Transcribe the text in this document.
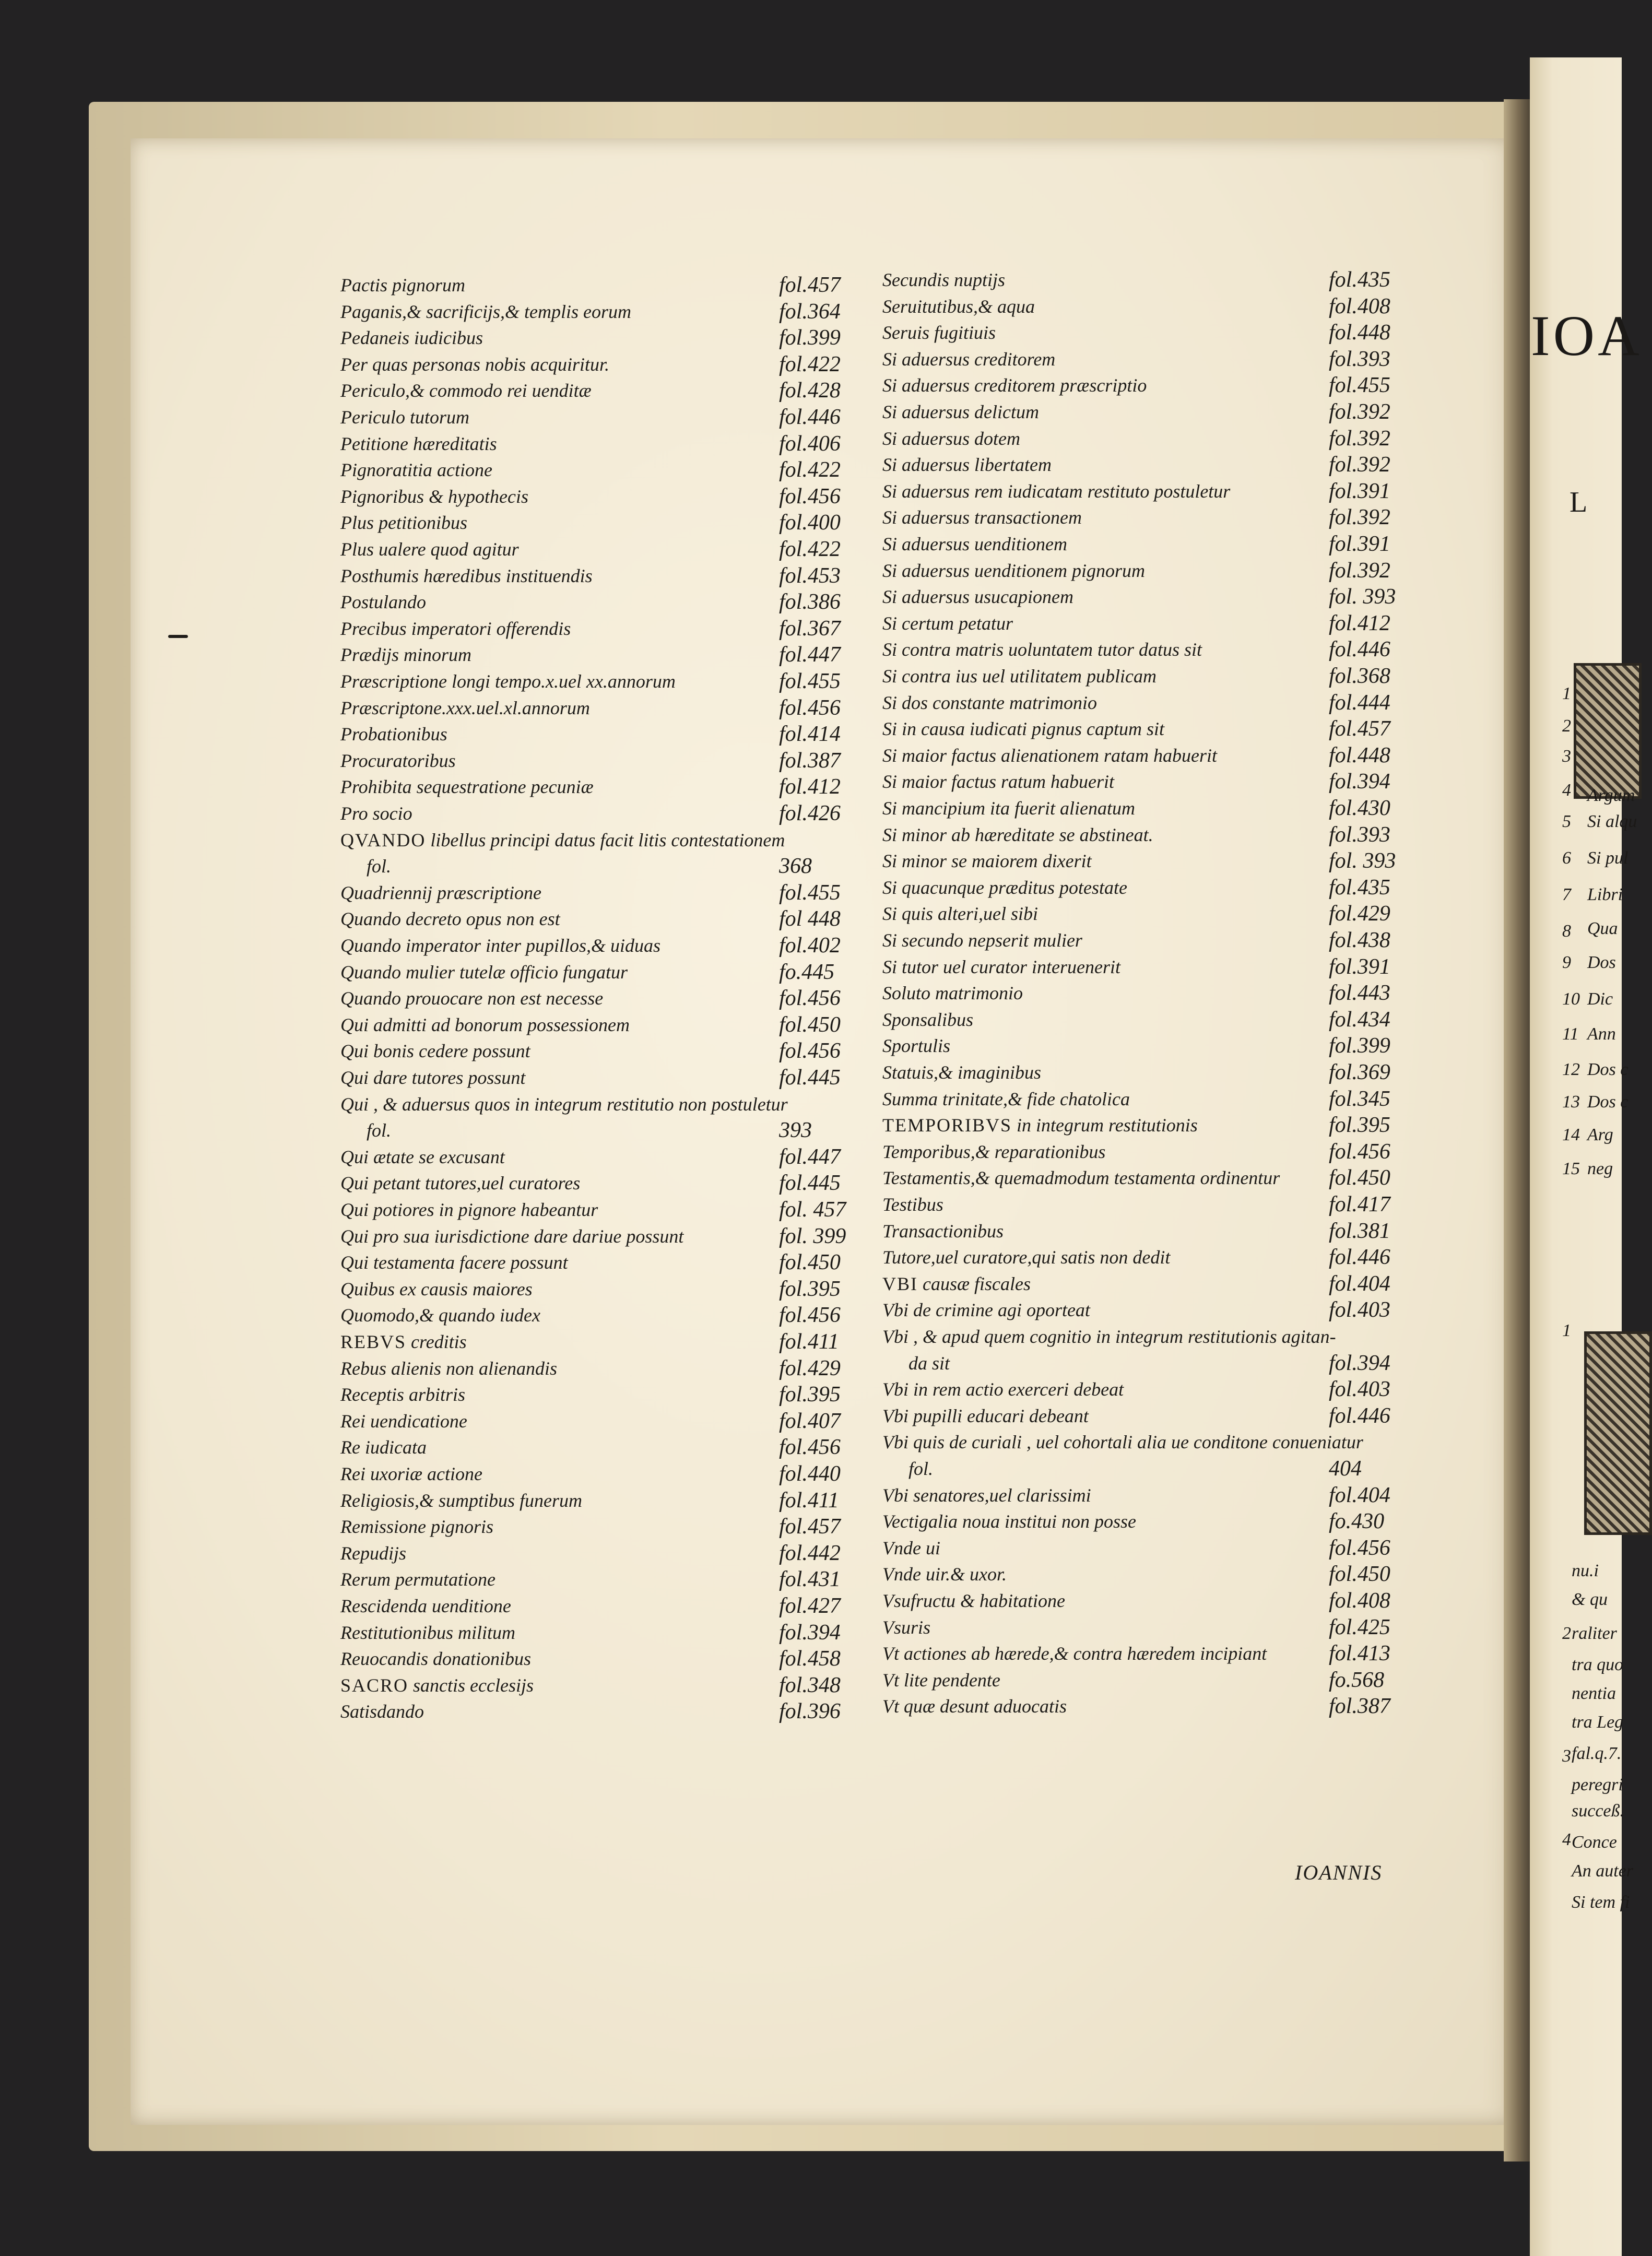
Pactis pignorum	fol.457
Paganis,& sacrificijs,& templis eorum	fol.364
Pedaneis iudicibus	fol.399
Per quas personas nobis acquiritur.	fol.422
Periculo,& commodo rei uenditæ	fol.428
Periculo tutorum	fol.446
Petitione hæreditatis	fol.406
Pignoratitia actione	fol.422
Pignoribus & hypothecis	fol.456
Plus petitionibus	fol.400
Plus ualere quod agitur	fol.422
Posthumis hæredibus instituendis	fol.453
Postulando	fol.386
Precibus imperatori offerendis	fol.367
Prædijs minorum	fol.447
Præscriptione longi tempo.x.uel xx.annorum	fol.455
Præscriptone.xxx.uel.xl.annorum	fol.456
Probationibus	fol.414
Procuratoribus	fol.387
Prohibita sequestratione pecuniæ	fol.412
Pro socio	fol.426
QVANDO libellus principi datus facit litis contestationem
fol.	368
Quadriennij præscriptione	fol.455
Quando decreto opus non est	fol 448
Quando imperator inter pupillos,& uiduas	fol.402
Quando mulier tutelæ officio fungatur	fo.445
Quando prouocare non est necesse	fol.456
Qui admitti ad bonorum possessionem	fol.450
Qui bonis cedere possunt	fol.456
Qui dare tutores possunt	fol.445
Qui , & aduersus quos in integrum restitutio non postuletur
fol.	393
Qui ætate se excusant	fol.447
Qui petant tutores,uel curatores	fol.445
Qui potiores in pignore habeantur	fol. 457
Qui pro sua iurisdictione dare dariue possunt	fol. 399
Qui testamenta facere possunt	fol.450
Quibus ex causis maiores	fol.395
Quomodo,& quando iudex	fol.456
REBVS creditis	fol.411
Rebus alienis non alienandis	fol.429
Receptis arbitris	fol.395
Rei uendicatione	fol.407
Re iudicata	fol.456
Rei uxoriæ actione	fol.440
Religiosis,& sumptibus funerum	fol.411
Remissione pignoris	fol.457
Repudijs	fol.442
Rerum permutatione	fol.431
Rescidenda uenditione	fol.427
Restitutionibus militum	fol.394
Reuocandis donationibus	fol.458
SACRO sanctis ecclesijs	fol.348
Satisdando	fol.396
Secundis nuptijs	fol.435
Seruitutibus,& aqua	fol.408
Seruis fugitiuis	fol.448
Si aduersus creditorem	fol.393
Si aduersus creditorem præscriptio	fol.455
Si aduersus delictum	fol.392
Si aduersus dotem	fol.392
Si aduersus libertatem	fol.392
Si aduersus rem iudicatam restituto postuletur	fol.391
Si aduersus transactionem	fol.392
Si aduersus uenditionem	fol.391
Si aduersus uenditionem pignorum	fol.392
Si aduersus usucapionem	fol. 393
Si certum petatur	fol.412
Si contra matris uoluntatem tutor datus sit	fol.446
Si contra ius uel utilitatem publicam	fol.368
Si dos constante matrimonio	fol.444
Si in causa iudicati pignus captum sit	fol.457
Si maior factus alienationem ratam habuerit	fol.448
Si maior factus ratum habuerit	fol.394
Si mancipium ita fuerit alienatum	fol.430
Si minor ab hæreditate se abstineat.	fol.393
Si minor se maiorem dixerit	fol. 393
Si quacunque præditus potestate	fol.435
Si quis alteri,uel sibi	fol.429
Si secundo nepserit mulier	fol.438
Si tutor uel curator interuenerit	fol.391
Soluto matrimonio	fol.443
Sponsalibus	fol.434
Sportulis	fol.399
Statuis,& imaginibus	fol.369
Summa trinitate,& fide chatolica	fol.345
TEMPORIBVS in integrum restitutionis	fol.395
Temporibus,& reparationibus	fol.456
Testamentis,& quemadmodum testamenta ordinentur fol.450
Testibus	fol.417
Transactionibus	fol.381
Tutore,uel curatore,qui satis non dedit	fol.446
VBI causæ fiscales	fol.404
Vbi de crimine agi oporteat	fol.403
Vbi , & apud quem cognitio in integrum restitutionis agitan-
da sit	fol.394
Vbi in rem actio exerceri debeat	fol.403
Vbi pupilli educari debeant	fol.446
Vbi quis de curiali , uel cohortali alia ue conditone conueniatur
fol.	404
Vbi senatores,uel clarissimi	fol.404
Vectigalia noua institui non posse	fo.430
Vnde ui	fol.456
Vnde uir.& uxor.	fol.450
Vsufructu & habitatione	fol.408
Vsuris	fol.425
Vt actiones ab hærede,& contra hæredem incipiant	fol.413
Vt lite pendente	fo.568
Vt quæ desunt aduocatis	fol.387
IOANNIS
IOA
L
1
2
3
4
5
6
7
8
9
10
11
12
13
14
15
1
2
3
4
Argum
Si alqu
Si pul
Libri
Qua
Dos
Dic
Ann
Dos c
Dos c
Arg
neg
nu.i
& qu
raliter
tra quo
nentia
tra Leg
fal.q.7.
peregri
succeß.
Conce
An auter
Si tem fi
